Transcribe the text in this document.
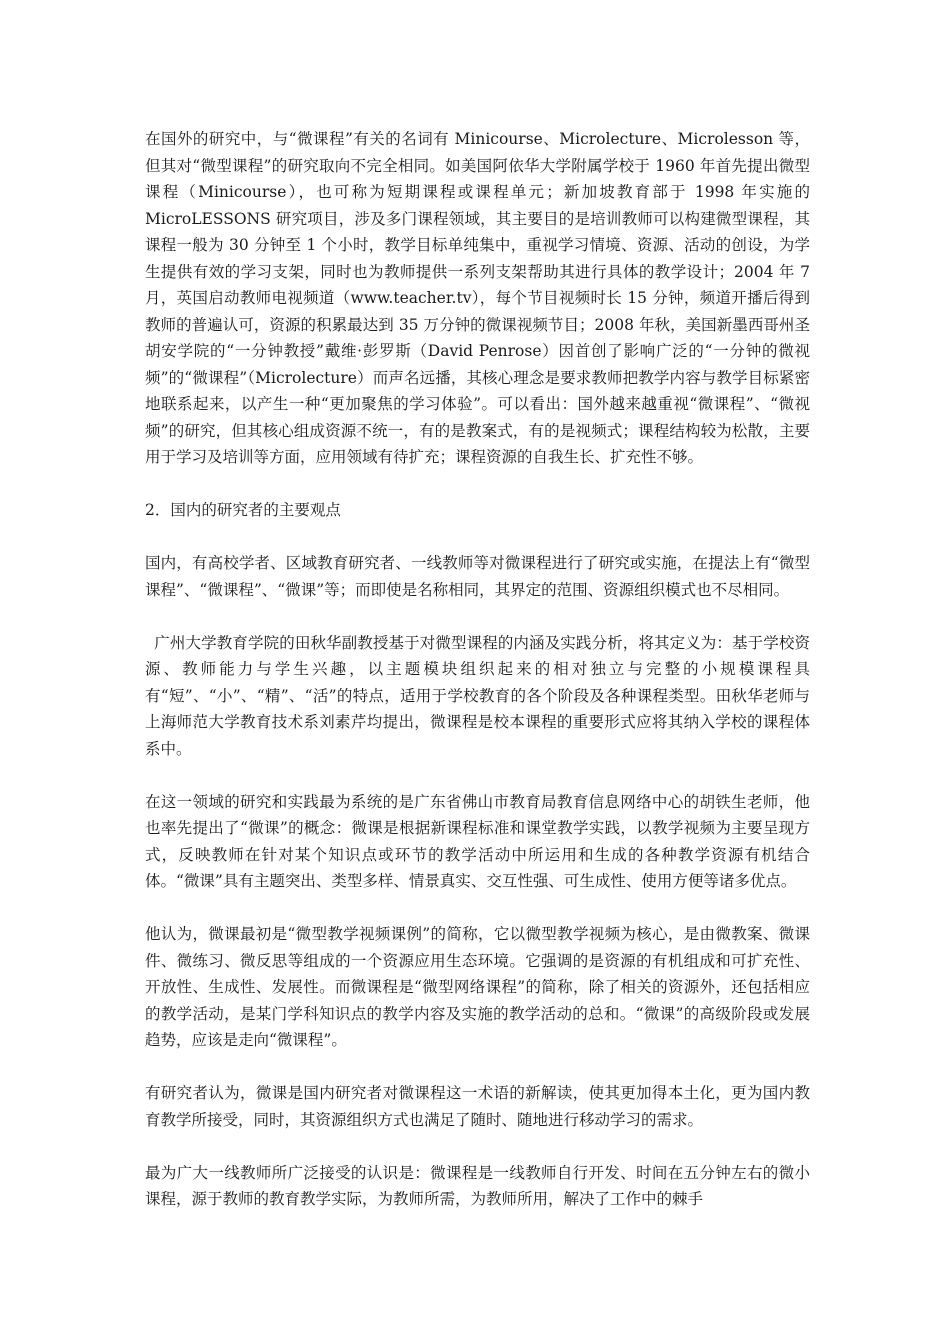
在国外的研究中，与“微课程”有关的名词有 Minicourse、Microlecture、Microlesson 等，但其对“微型课程”的研究取向不完全相同。如美国阿依华大学附属学校于 1960 年首先提出微型课程（Minicourse），也可称为短期课程或课程单元；新加坡教育部于 1998 年实施的 MicroLESSONS 研究项目，涉及多门课程领域，其主要目的是培训教师可以构建微型课程，其课程一般为 30 分钟至 1 个小时，教学目标单纯集中，重视学习情境、资源、活动的创设，为学生提供有效的学习支架，同时也为教师提供一系列支架帮助其进行具体的教学设计；2004 年 7 月，英国启动教师电视频道（www.teacher.tv），每个节目视频时长 15 分钟，频道开播后得到教师的普遍认可，资源的积累最达到 35 万分钟的微课视频节目；2008 年秋，美国新墨西哥州圣胡安学院的“一分钟教授”戴维·彭罗斯（David Penrose）因首创了影响广泛的“一分钟的微视频”的“微课程”（Microlecture）而声名远播，其核心理念是要求教师把教学内容与教学目标紧密地联系起来，以产生一种“更加聚焦的学习体验”。可以看出：国外越来越重视“微课程”、“微视频”的研究，但其核心组成资源不统一，有的是教案式，有的是视频式；课程结构较为松散，主要用于学习及培训等方面，应用领域有待扩充；课程资源的自我生长、扩充性不够。

2．国内的研究者的主要观点

国内，有高校学者、区域教育研究者、一线教师等对微课程进行了研究或实施，在提法上有“微型课程”、“微课程”、“微课”等；而即使是名称相同，其界定的范围、资源组织模式也不尽相同。

广州大学教育学院的田秋华副教授基于对微型课程的内涵及实践分析，将其定义为：基于学校资源、教师能力与学生兴趣，以主题模块组织起来的相对独立与完整的小规模课程具有“短”、“小”、“精”、“活”的特点，适用于学校教育的各个阶段及各种课程类型。田秋华老师与上海师范大学教育技术系刘素芹均提出，微课程是校本课程的重要形式应将其纳入学校的课程体系中。

在这一领域的研究和实践最为系统的是广东省佛山市教育局教育信息网络中心的胡铁生老师，他也率先提出了“微课”的概念：微课是根据新课程标准和课堂教学实践，以教学视频为主要呈现方式，反映教师在针对某个知识点或环节的教学活动中所运用和生成的各种教学资源有机结合体。“微课”具有主题突出、类型多样、情景真实、交互性强、可生成性、使用方便等诸多优点。

他认为，微课最初是“微型教学视频课例”的简称，它以微型教学视频为核心，是由微教案、微课件、微练习、微反思等组成的一个资源应用生态环境。它强调的是资源的有机组成和可扩充性、开放性、生成性、发展性。而微课程是“微型网络课程”的简称，除了相关的资源外，还包括相应的教学活动，是某门学科知识点的教学内容及实施的教学活动的总和。“微课”的高级阶段或发展趋势，应该是走向“微课程”。

有研究者认为，微课是国内研究者对微课程这一术语的新解读，使其更加得本土化，更为国内教育教学所接受，同时，其资源组织方式也满足了随时、随地进行移动学习的需求。

最为广大一线教师所广泛接受的认识是：微课程是一线教师自行开发、时间在五分钟左右的微小课程，源于教师的教育教学实际，为教师所需，为教师所用，解决了工作中的棘手
